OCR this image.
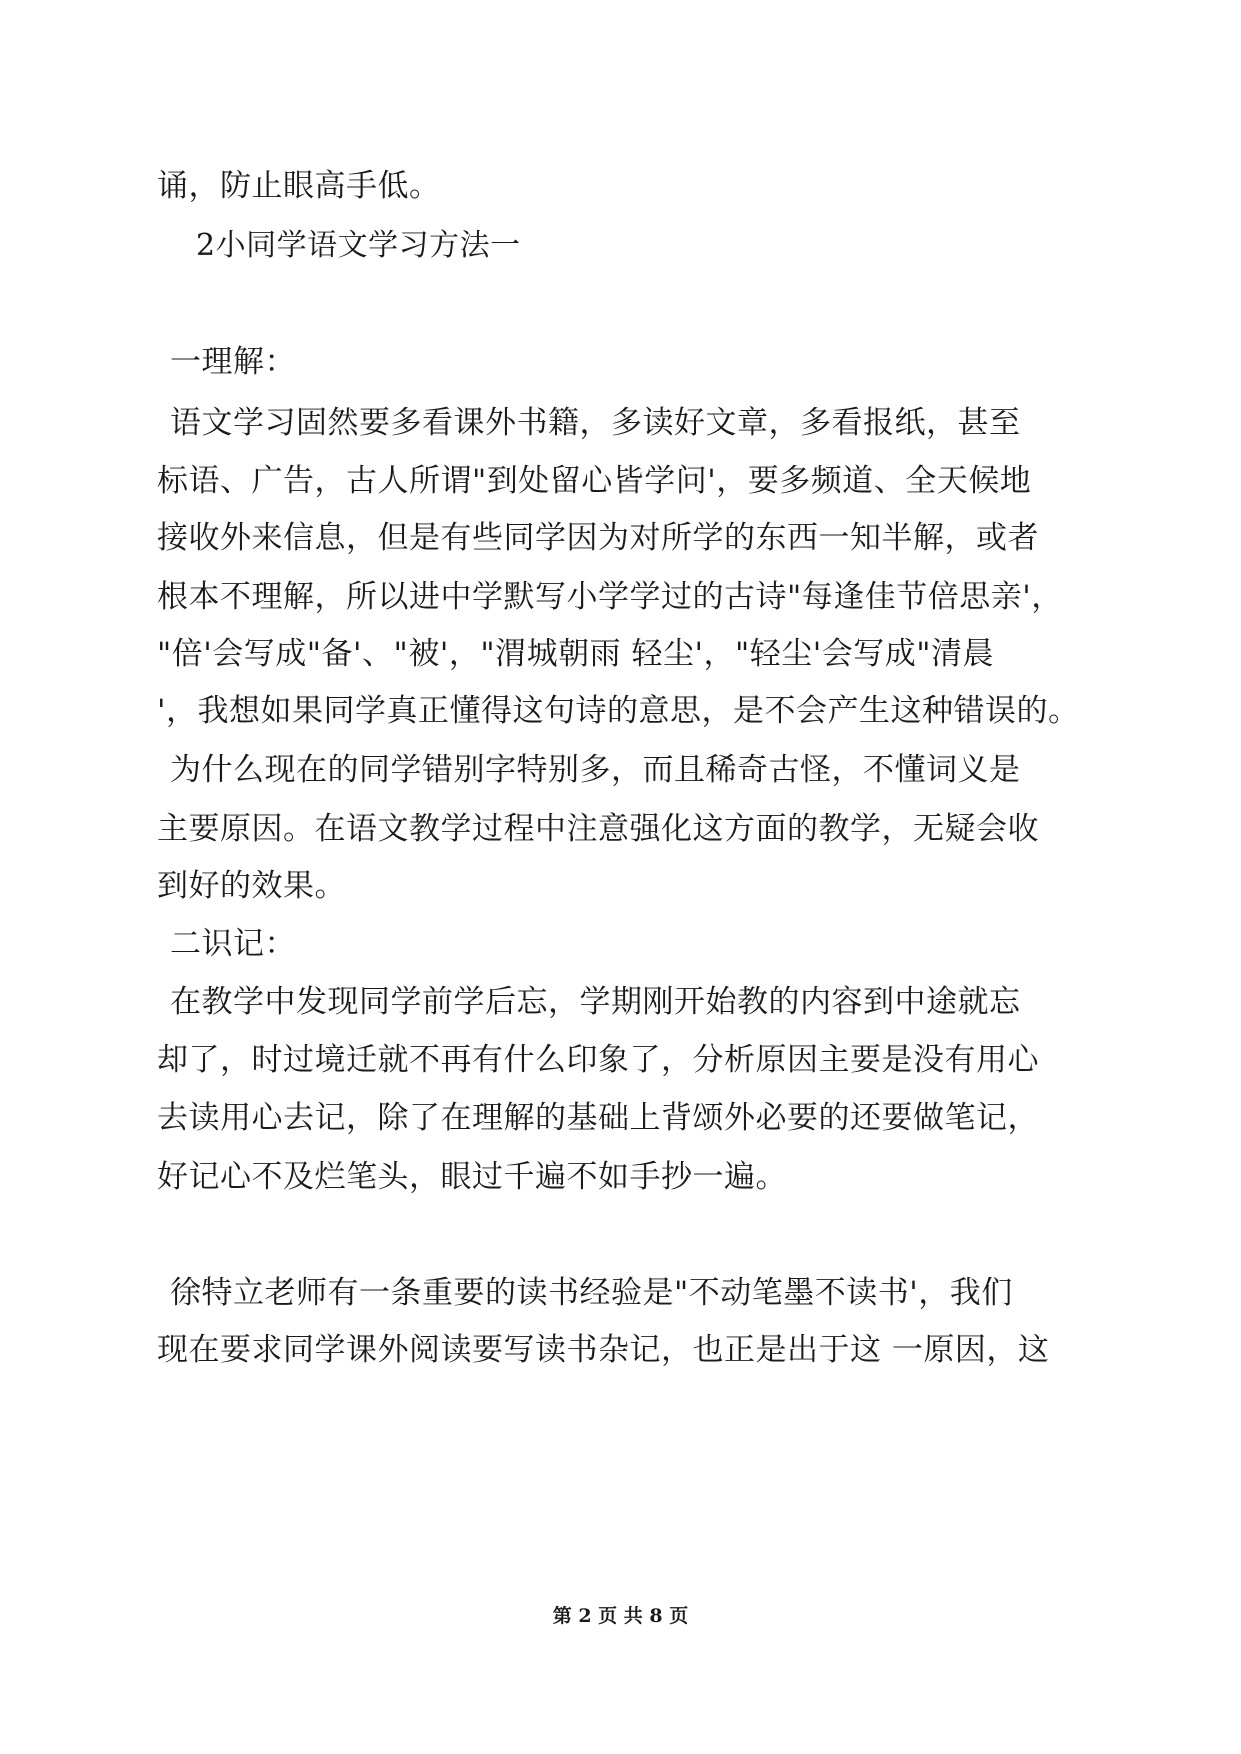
诵，防止眼高手低。
2小同学语文学习方法一
一理解：
语文学习固然要多看课外书籍，多读好文章，多看报纸，甚至
标语、广告，古人所谓"到处留心皆学问'，要多频道、全天候地
接收外来信息，但是有些同学因为对所学的东西一知半解，或者
根本不理解，所以进中学默写小学学过的古诗"每逢佳节倍思亲'，
"倍'会写成"备'、"被'，"渭城朝雨 轻尘'，"轻尘'会写成"清晨
'，我想如果同学真正懂得这句诗的意思，是不会产生这种错误的。
为什么现在的同学错别字特别多，而且稀奇古怪，不懂词义是
主要原因。在语文教学过程中注意强化这方面的教学，无疑会收
到好的效果。
二识记：
在教学中发现同学前学后忘，学期刚开始教的内容到中途就忘
却了，时过境迁就不再有什么印象了，分析原因主要是没有用心
去读用心去记，除了在理解的基础上背颂外必要的还要做笔记，
好记心不及烂笔头，眼过千遍不如手抄一遍。
徐特立老师有一条重要的读书经验是"不动笔墨不读书'，我们
现在要求同学课外阅读要写读书杂记，也正是出于这 一原因，这
第 2 页 共 8 页
